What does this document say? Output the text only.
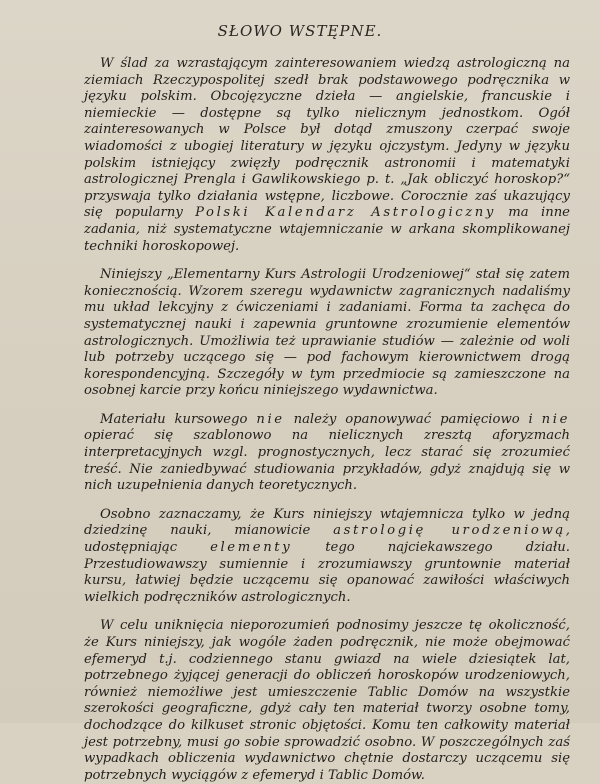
SŁOWO WSTĘPNE.

W ślad za wzrastającym zainteresowaniem wiedzą astrologiczną na ziemiach Rzeczypospolitej szedł brak podstawowego podręcznika w języku polskim. Obcojęzyczne dzieła — angielskie, francuskie i niemieckie — dostępne są tylko nielicznym jednostkom. Ogół zainteresowanych w Polsce był dotąd zmuszony czerpać swoje wiadomości z ubogiej literatury w języku ojczystym. Jedyny w języku polskim istniejący zwięzły podręcznik astronomii i matematyki astrologicznej Prengla i Gawlikowskiego p. t. „Jak obliczyć horoskop?“ przyswaja tylko działania wstępne, liczbowe. Corocznie zaś ukazujący się popularny Polski Kalendarz Astrologiczny ma inne zadania, niż systematyczne wtajemniczanie w arkana skomplikowanej techniki horoskopowej.

Niniejszy „Elementarny Kurs Astrologii Urodzeniowej“ stał się zatem koniecznością. Wzorem szeregu wydawnictw zagranicznych nadaliśmy mu układ lekcyjny z ćwiczeniami i zadaniami. Forma ta zachęca do systematycznej nauki i zapewnia gruntowne zrozumienie elementów astrologicznych. Umożliwia też uprawianie studiów — zależnie od woli lub potrzeby uczącego się — pod fachowym kierownictwem drogą korespondencyjną. Szczegóły w tym przedmiocie są zamieszczone na osobnej karcie przy końcu niniejszego wydawnictwa.

Materiału kursowego nie należy opanowywać pamięciowo i nie opierać się szablonowo na nielicznych zresztą aforyzmach interpretacyjnych wzgl. prognostycznych, lecz starać się zrozumieć treść. Nie zaniedbywać studiowania przykładów, gdyż znajdują się w nich uzupełnienia danych teoretycznych.

Osobno zaznaczamy, że Kurs niniejszy wtajemnicza tylko w jedną dziedzinę nauki, mianowicie astrologię urodzeniową, udostępniając elementy tego najciekawszego działu. Przestudiowawszy sumiennie i zrozumiawszy gruntownie materiał kursu, łatwiej będzie uczącemu się opanować zawiłości właściwych wielkich podręczników astrologicznych.

W celu uniknięcia nieporozumień podnosimy jeszcze tę okoliczność, że Kurs niniejszy, jak wogóle żaden podręcznik, nie może obejmować efemeryd t.j. codziennego stanu gwiazd na wiele dziesiątek lat, potrzebnego żyjącej generacji do obliczeń horoskopów urodzeniowych, również niemożliwe jest umieszczenie Tablic Domów na wszystkie szerokości geograficzne, gdyż cały ten materiał tworzy osobne tomy, dochodzące do kilkuset stronic objętości. Komu ten całkowity materiał jest potrzebny, musi go sobie sprowadzić osobno. W poszczególnych zaś wypadkach obliczenia wydawnictwo chętnie dostarczy uczącemu się potrzebnych wyciągów z efemeryd i Tablic Domów.
